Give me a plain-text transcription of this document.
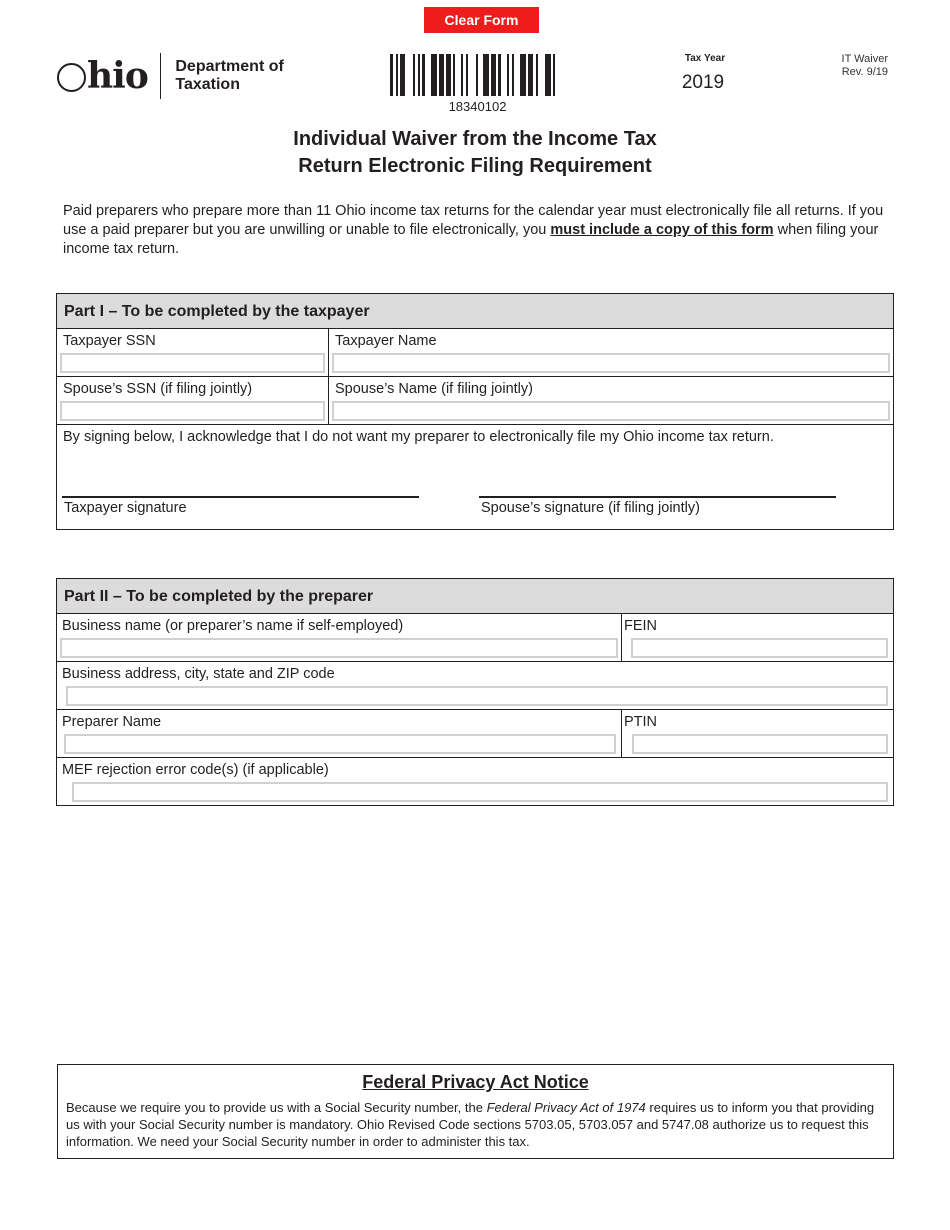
Clear Form
hio Department of
Taxation
18340102
Tax Year
2019
IT Waiver
Rev. 9/19
Individual Waiver from the Income Tax
Return Electronic Filing Requirement

Paid preparers who prepare more than 11 Ohio income tax returns for the calendar year must electronically file all returns. If you use a paid preparer but you are unwilling or unable to file electronically, you must include a copy of this form when filing your income tax return.

Part I – To be completed by the taxpayer
Taxpayer SSN	Taxpayer Name
Spouse’s SSN (if filing jointly)	Spouse’s Name (if filing jointly)
By signing below, I acknowledge that I do not want my preparer to electronically file my Ohio income tax return.
Taxpayer signature	Spouse’s signature (if filing jointly)
Part II – To be completed by the preparer
Business name (or preparer’s name if self-employed)	FEIN
Business address, city, state and ZIP code
Preparer Name	PTIN
MEF rejection error code(s) (if applicable)
Federal Privacy Act Notice

Because we require you to provide us with a Social Security number, the Federal Privacy Act of 1974 requires us to inform you that providing us with your Social Security number is mandatory. Ohio Revised Code sections 5703.05, 5703.057 and 5747.08 authorize us to request this information. We need your Social Security number in order to administer this tax.
